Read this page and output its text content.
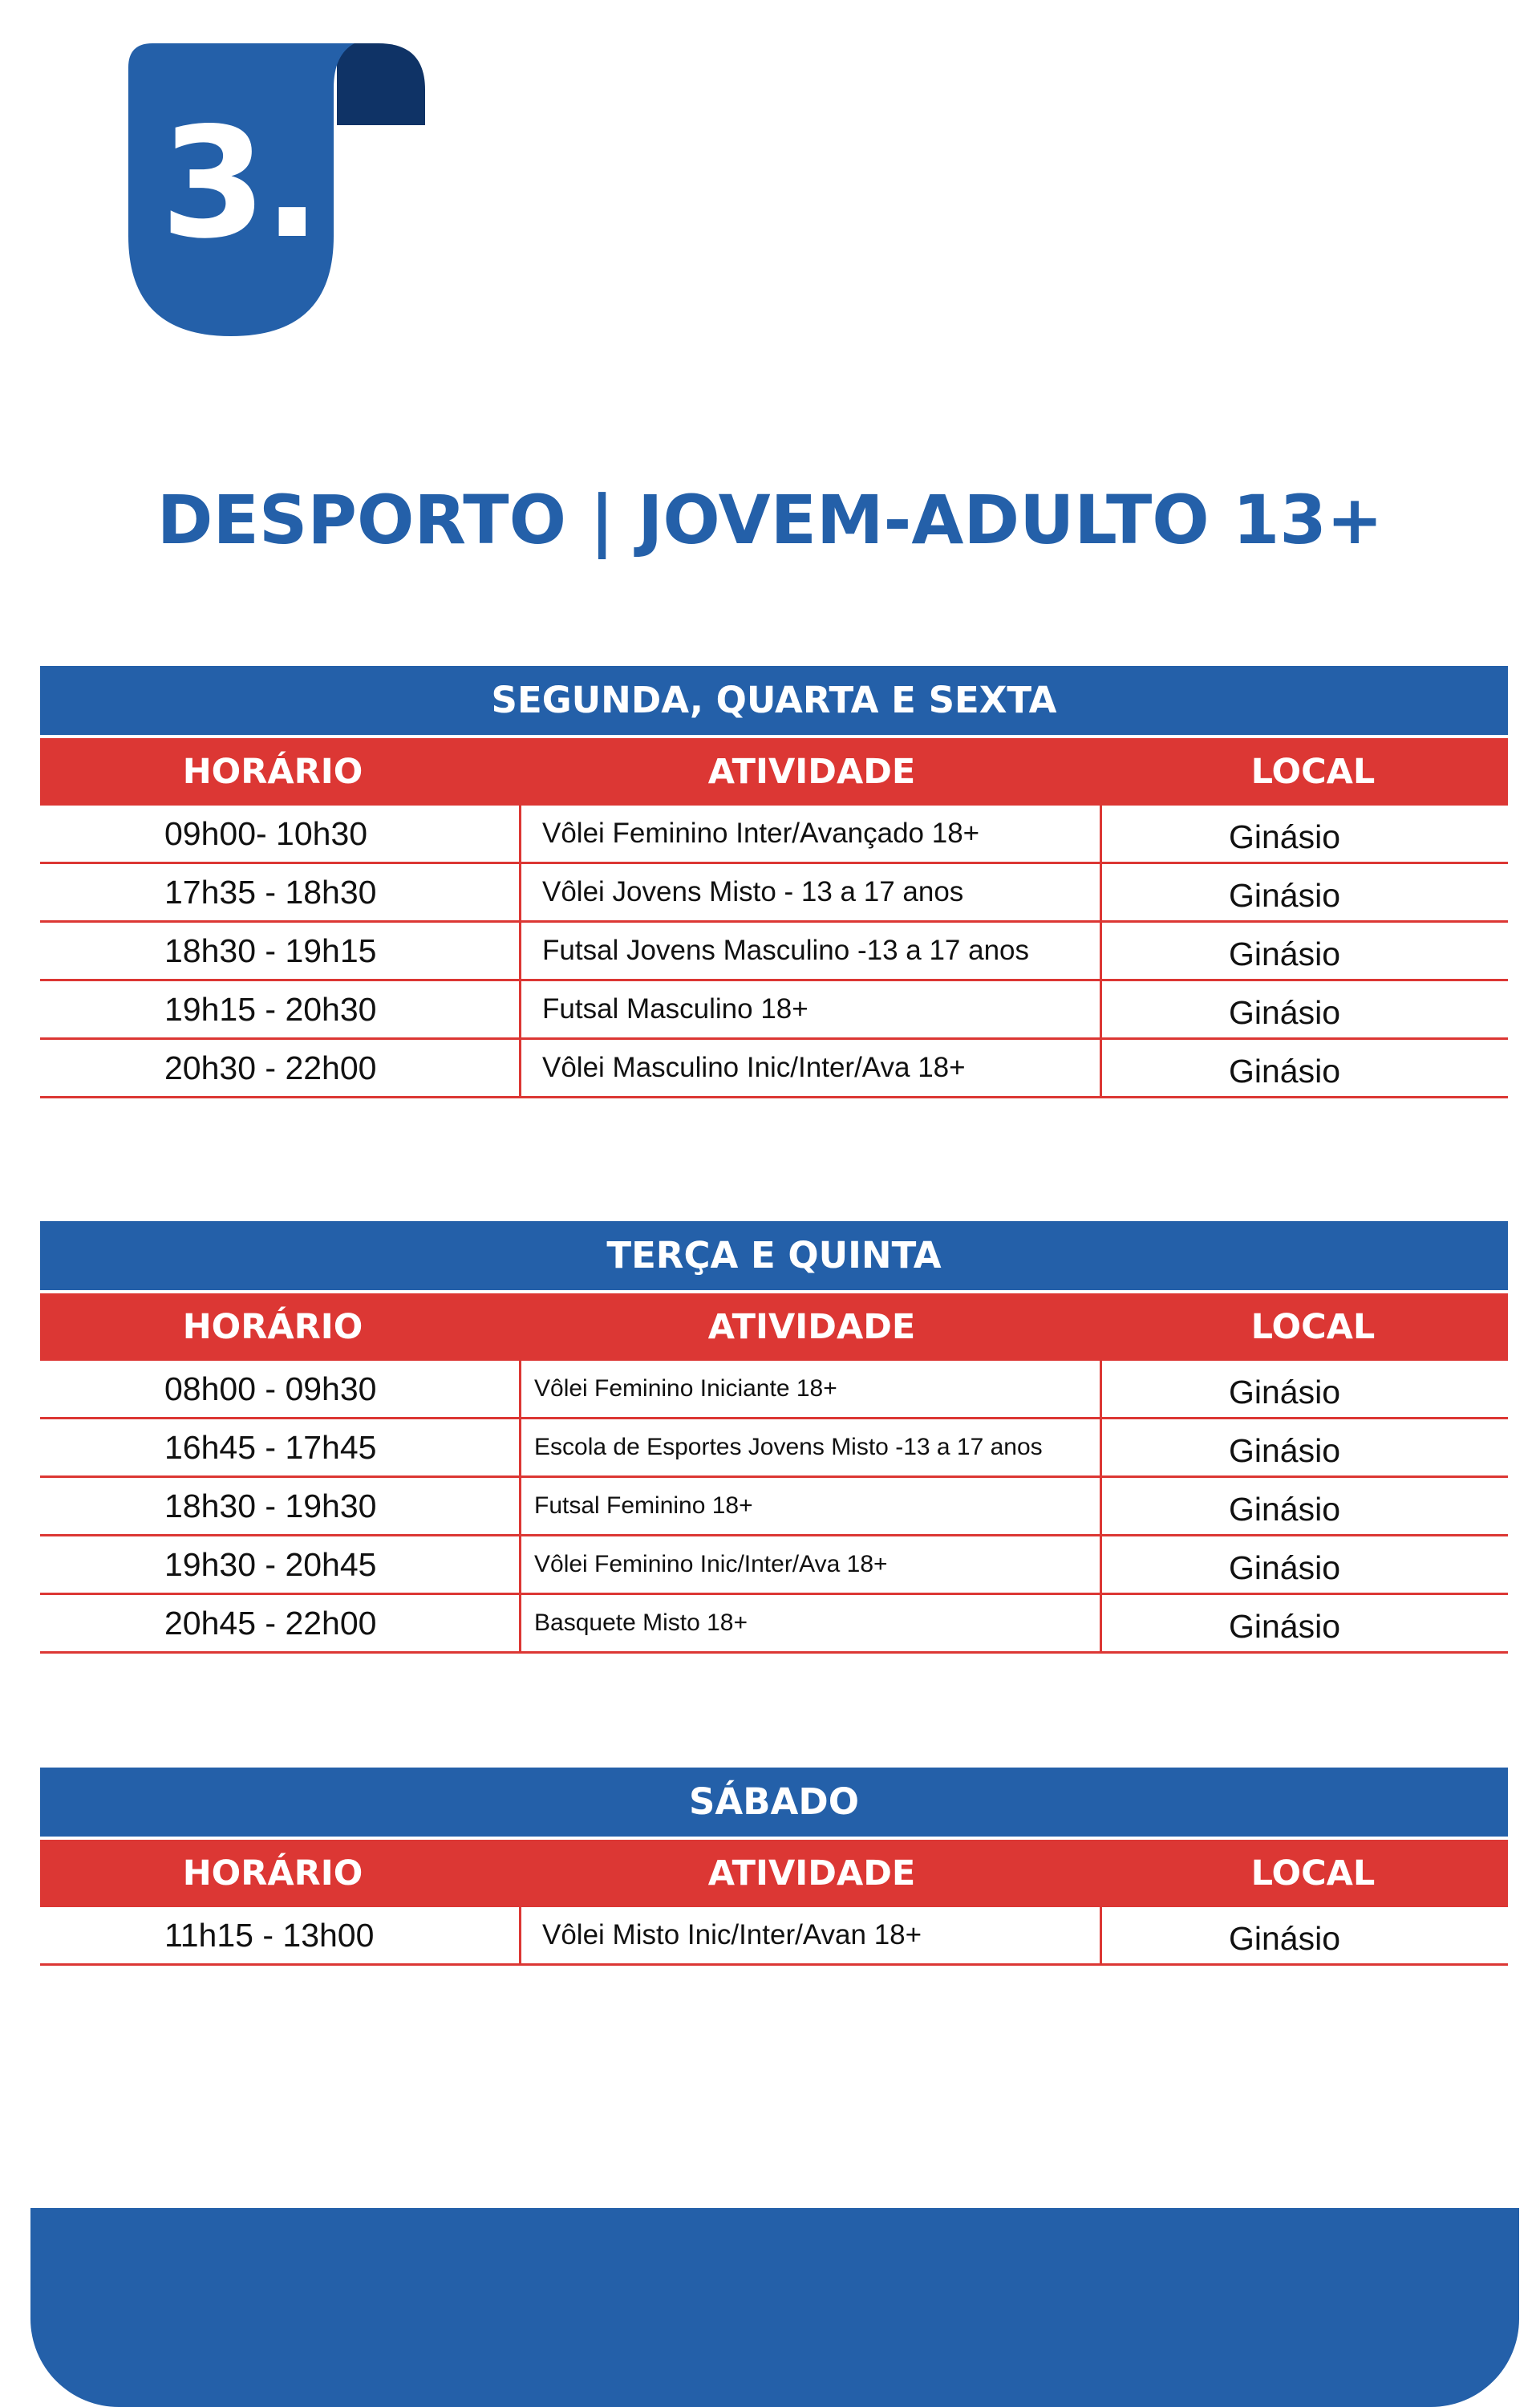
3.
DESPORTO | JOVEM-ADULTO 13+
SEGUNDA, QUARTA E SEXTA
HORÁRIO	ATIVIDADE	LOCAL
09h00- 10h30	Vôlei Feminino Inter/Avançado 18+	Ginásio
17h35 - 18h30	Vôlei Jovens Misto - 13 a 17 anos	Ginásio
18h30 - 19h15	Futsal Jovens Masculino -13 a 17 anos	Ginásio
19h15 - 20h30	Futsal Masculino 18+	Ginásio
20h30 - 22h00	Vôlei Masculino Inic/Inter/Ava 18+	Ginásio
TERÇA E QUINTA
HORÁRIO	ATIVIDADE	LOCAL
08h00 - 09h30	Vôlei Feminino Iniciante 18+	Ginásio
16h45 - 17h45	Escola de Esportes Jovens Misto -13 a 17 anos	Ginásio
18h30 - 19h30	Futsal Feminino 18+	Ginásio
19h30 - 20h45	Vôlei Feminino Inic/Inter/Ava 18+	Ginásio
20h45 - 22h00	Basquete Misto 18+	Ginásio
SÁBADO
HORÁRIO	ATIVIDADE	LOCAL
11h15 - 13h00	Vôlei Misto Inic/Inter/Avan 18+	Ginásio
